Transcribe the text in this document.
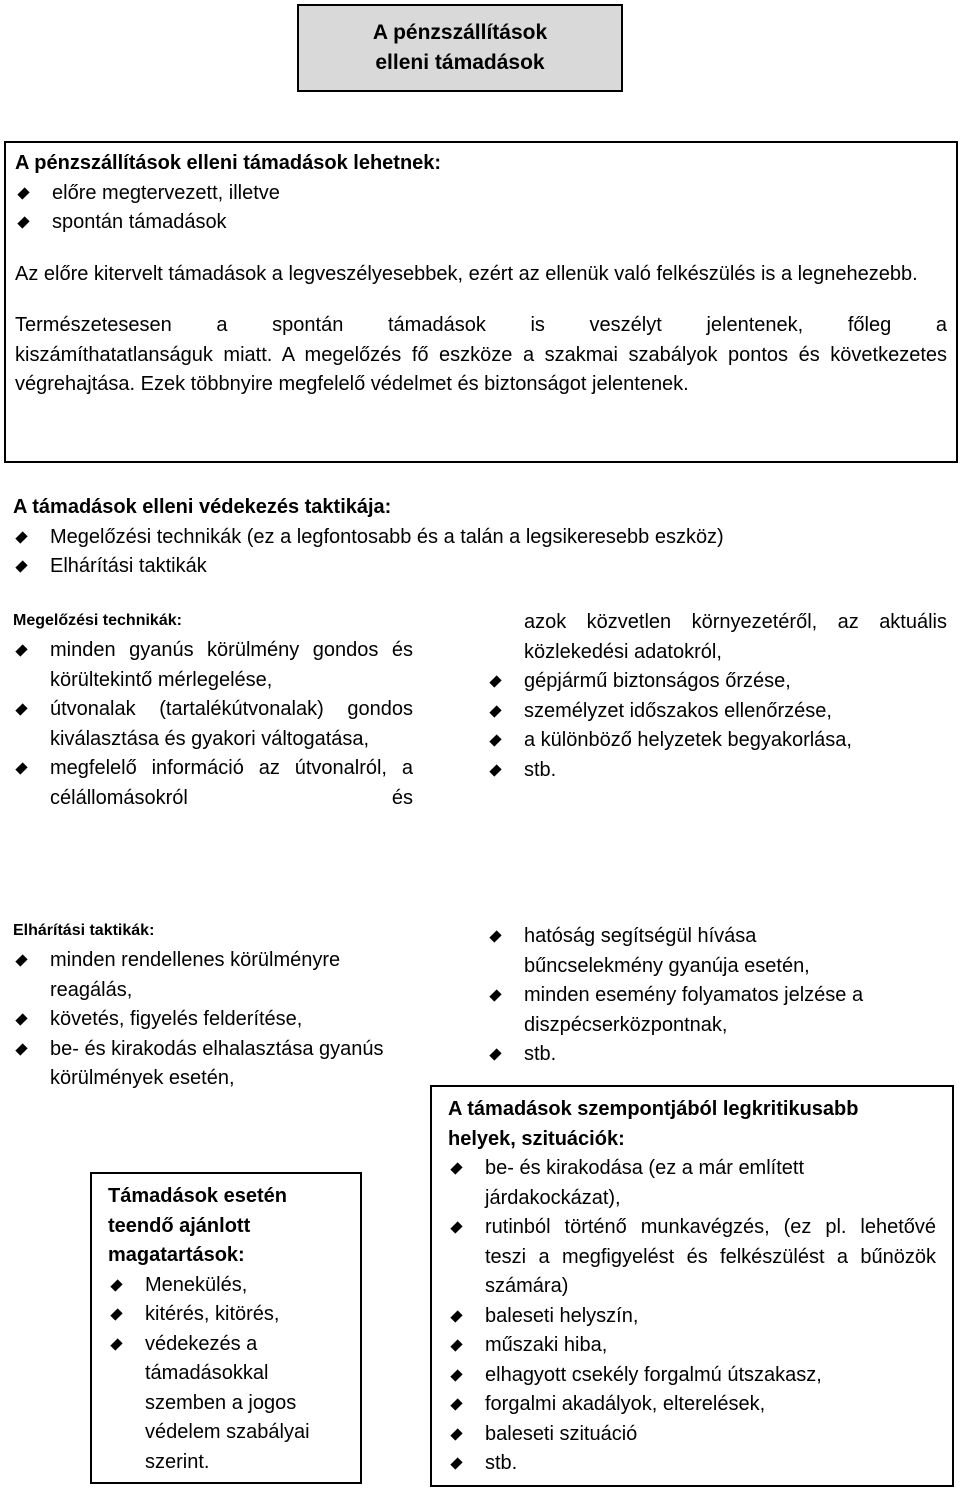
A pénzszállítások elleni támadások
A pénzszállítások elleni támadások lehetnek:
előre megtervezett, illetve
spontán támadások

Az előre kitervelt támadások a legveszélyesebbek, ezért az ellenük való felkészülés is a legnehezebb.

Természetesesen a spontán támadások is veszélyt jelentenek, főleg a

kiszámíthatatlanságuk miatt. A megelőzés fő eszköze a szakmai szabályok pontos és következetes végrehajtása. Ezek többnyire megfelelő védelmet és biztonságot jelentenek.

A támadások elleni védekezés taktikája:
Megelőzési technikák (ez a legfontosabb és a talán a legsikeresebb eszköz)
Elhárítási taktikák
Megelőzési technikák:
minden gyanús körülmény gondos és körültekintő mérlegelése,
útvonalak (tartalékútvonalak) gondos kiválasztása és gyakori váltogatása,
megfelelő információ az útvonalról, a célállomásokról és

azok közvetlen környezetéről, az aktuális közlekedési adatokról,

gépjármű biztonságos őrzése,
személyzet időszakos ellenőrzése,
a különböző helyzetek begyakorlása,
stb.
Elhárítási taktikák:
minden rendellenes körülményre reagálás,
követés, figyelés felderítése,
be- és kirakodás elhalasztása gyanús körülmények esetén,
hatóság segítségül hívása bűncselekmény gyanúja esetén,
minden esemény folyamatos jelzése a diszpécserközpontnak,
stb.
Támadások esetén teendő ajánlott magatartások:
Menekülés,
kitérés, kitörés,
védekezés a támadásokkal szemben a jogos védelem szabályai szerint.
A támadások szempontjából legkritikusabb helyek, szituációk:
be- és kirakodása (ez a már említett járdakockázat),
rutinból történő munkavégzés, (ez pl. lehetővé teszi a megfigyelést és felkészülést a bűnözök számára)
baleseti helyszín,
műszaki hiba,
elhagyott csekély forgalmú útszakasz,
forgalmi akadályok, elterelések,
baleseti szituáció
stb.
